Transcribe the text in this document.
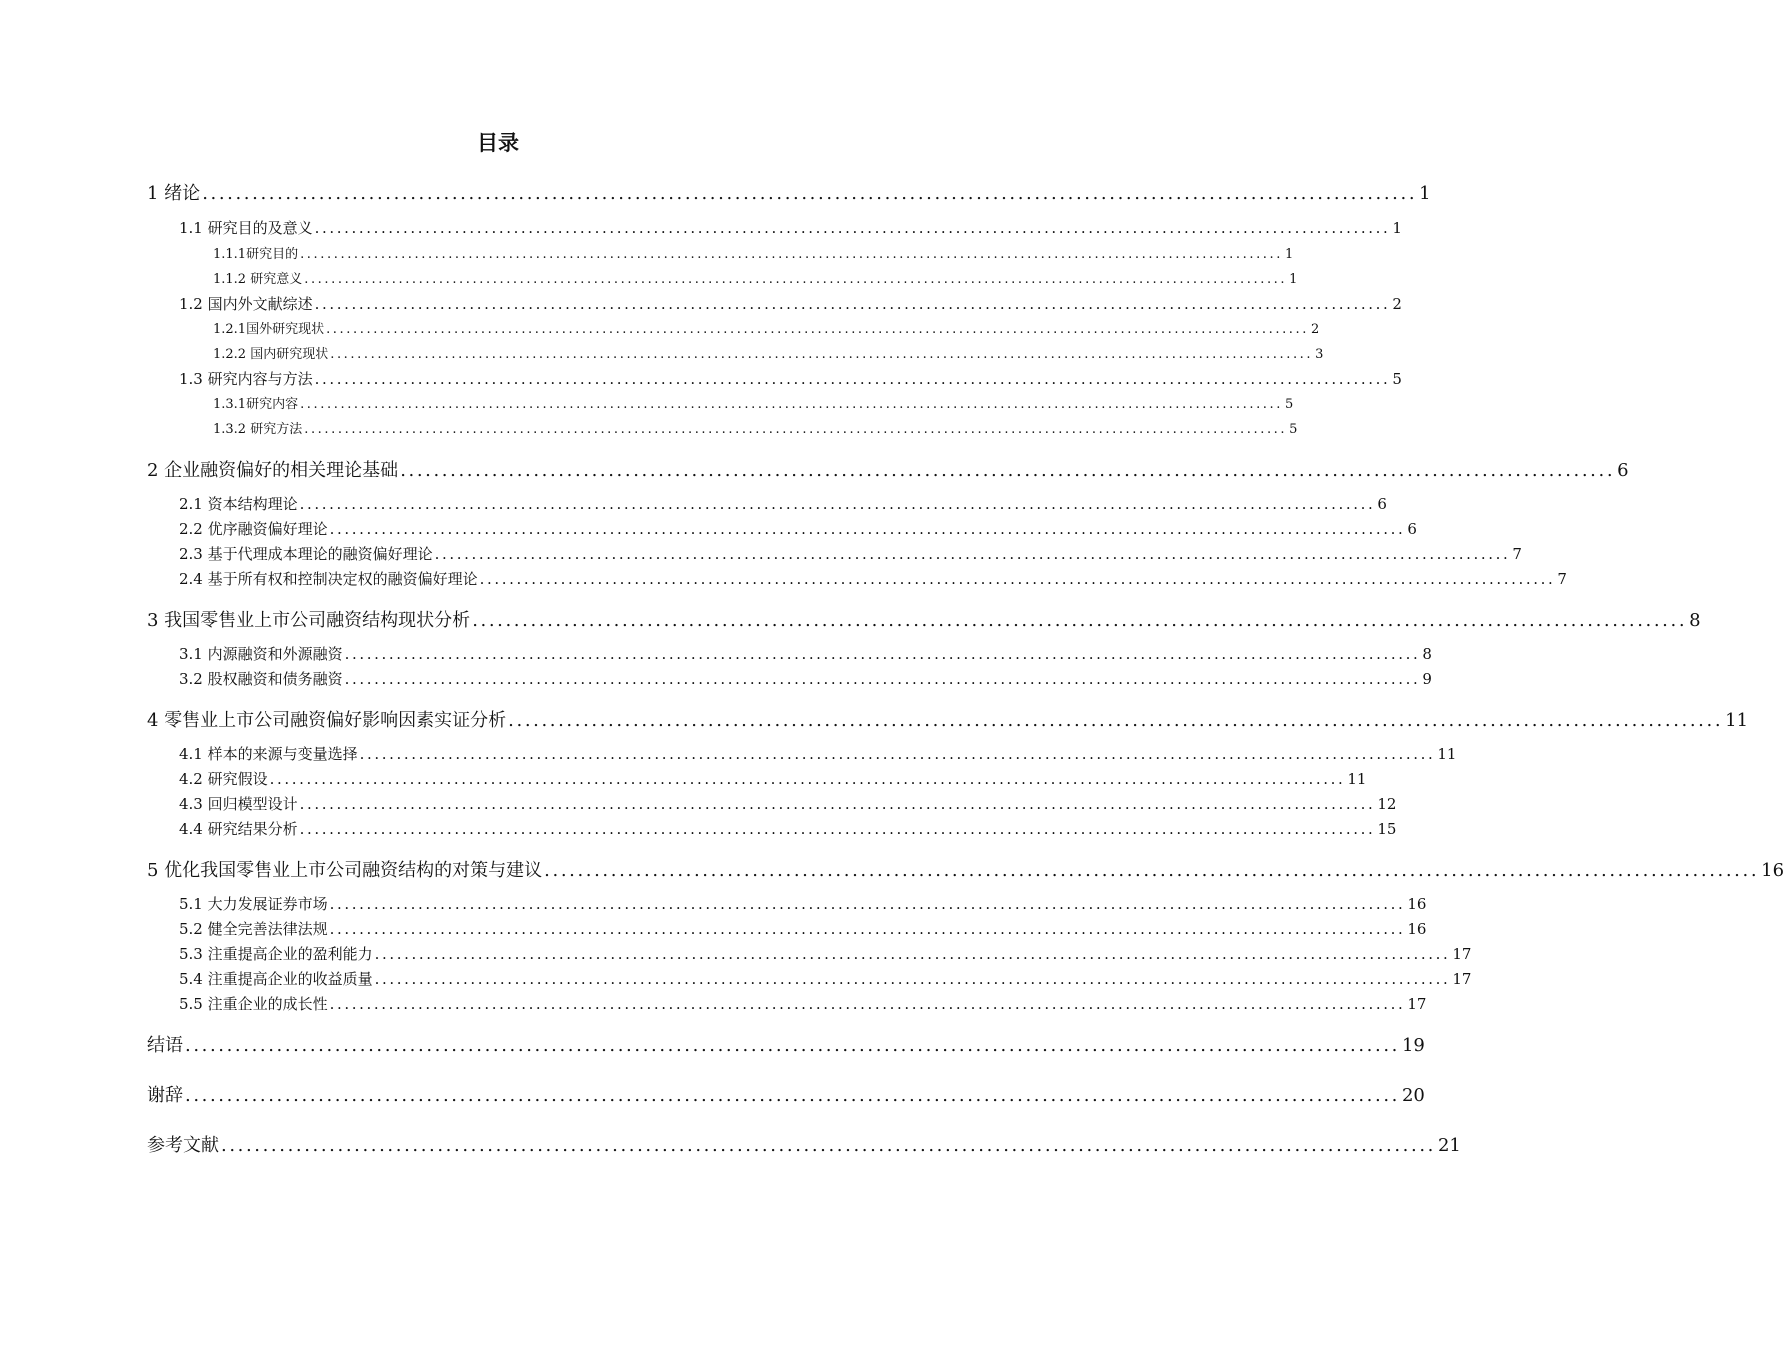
目录
1 绪论 .................................................................................................................................................. 1
1.1 研究目的及意义 .................................................................................................................................................. 1
1.1.1研究目的 .................................................................................................................................................. 1
1.1.2 研究意义 .................................................................................................................................................. 1
1.2 国内外文献综述 .................................................................................................................................................. 2
1.2.1国外研究现状 .................................................................................................................................................. 2
1.2.2 国内研究现状 .................................................................................................................................................. 3
1.3 研究内容与方法 .................................................................................................................................................. 5
1.3.1研究内容 .................................................................................................................................................. 5
1.3.2 研究方法 .................................................................................................................................................. 5
2 企业融资偏好的相关理论基础 .................................................................................................................................................. 6
2.1 资本结构理论 .................................................................................................................................................. 6
2.2 优序融资偏好理论 .................................................................................................................................................. 6
2.3 基于代理成本理论的融资偏好理论 .................................................................................................................................................. 7
2.4 基于所有权和控制决定权的融资偏好理论 .................................................................................................................................................. 7
3 我国零售业上市公司融资结构现状分析 .................................................................................................................................................. 8
3.1 内源融资和外源融资 .................................................................................................................................................. 8
3.2 股权融资和债务融资 .................................................................................................................................................. 9
4 零售业上市公司融资偏好影响因素实证分析 .................................................................................................................................................. 11
4.1 样本的来源与变量选择 .................................................................................................................................................. 11
4.2 研究假设 .................................................................................................................................................. 11
4.3 回归模型设计 .................................................................................................................................................. 12
4.4 研究结果分析 .................................................................................................................................................. 15
5 优化我国零售业上市公司融资结构的对策与建议 .................................................................................................................................................. 16
5.1 大力发展证券市场 .................................................................................................................................................. 16
5.2 健全完善法律法规 .................................................................................................................................................. 16
5.3 注重提高企业的盈利能力 .................................................................................................................................................. 17
5.4 注重提高企业的收益质量 .................................................................................................................................................. 17
5.5 注重企业的成长性 .................................................................................................................................................. 17
结语 .................................................................................................................................................. 19
谢辞 .................................................................................................................................................. 20
参考文献 .................................................................................................................................................. 21
